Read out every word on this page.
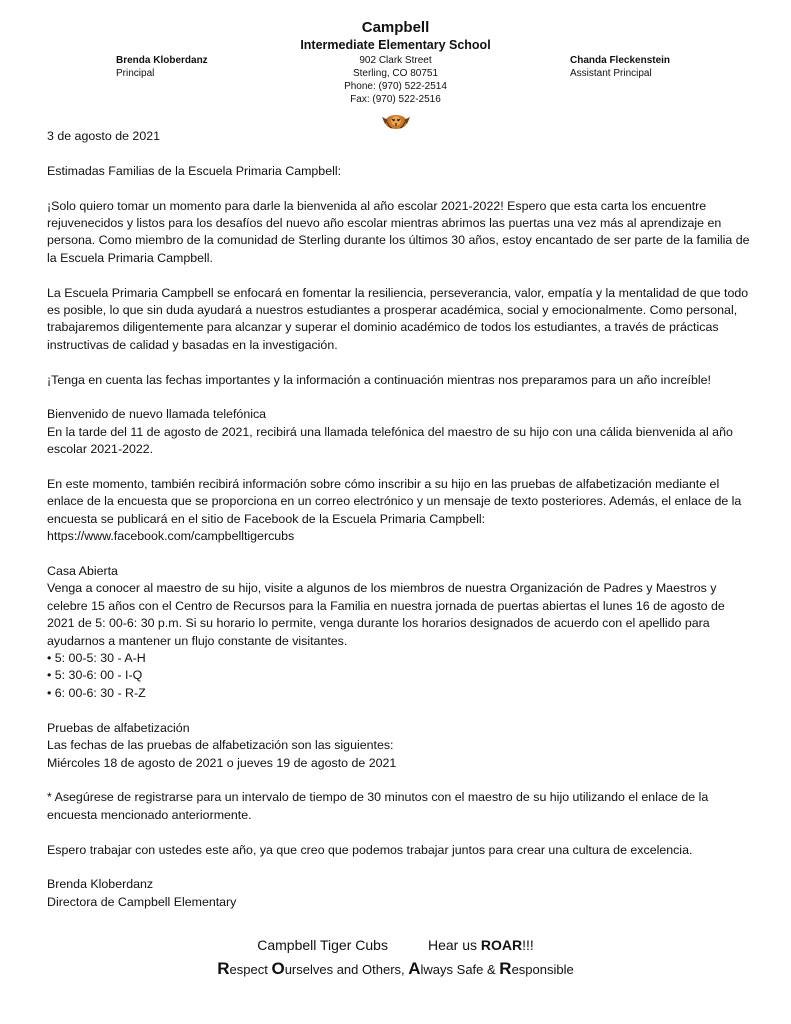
Campbell
Intermediate Elementary School
Brenda Kloberdanz
Principal
902 Clark Street
Sterling, CO 80751
Phone: (970) 522-2514
Fax: (970) 522-2516
Chanda Fleckenstein
Assistant Principal

3 de agosto de 2021

Estimadas Familias de la Escuela Primaria Campbell:

¡Solo quiero tomar un momento para darle la bienvenida al año escolar 2021-2022! Espero que esta carta los encuentre rejuvenecidos y listos para los desafíos del nuevo año escolar mientras abrimos las puertas una vez más al aprendizaje en persona. Como miembro de la comunidad de Sterling durante los últimos 30 años, estoy encantado de ser parte de la familia de la Escuela Primaria Campbell.

La Escuela Primaria Campbell se enfocará en fomentar la resiliencia, perseverancia, valor, empatía y la mentalidad de que todo es posible, lo que sin duda ayudará a nuestros estudiantes a prosperar académica, social y emocionalmente. Como personal, trabajaremos diligentemente para alcanzar y superar el dominio académico de todos los estudiantes, a través de prácticas instructivas de calidad y basadas en la investigación.

¡Tenga en cuenta las fechas importantes y la información a continuación mientras nos preparamos para un año increíble!

Bienvenido de nuevo llamada telefónica
En la tarde del 11 de agosto de 2021, recibirá una llamada telefónica del maestro de su hijo con una cálida bienvenida al año escolar 2021-2022.

En este momento, también recibirá información sobre cómo inscribir a su hijo en las pruebas de alfabetización mediante el enlace de la encuesta que se proporciona en un correo electrónico y un mensaje de texto posteriores. Además, el enlace de la encuesta se publicará en el sitio de Facebook de la Escuela Primaria Campbell:
https://www.facebook.com/campbelltigercubs

Casa Abierta
Venga a conocer al maestro de su hijo, visite a algunos de los miembros de nuestra Organización de Padres y Maestros y celebre 15 años con el Centro de Recursos para la Familia en nuestra jornada de puertas abiertas el lunes 16 de agosto de 2021 de 5: 00-6: 30 p.m. Si su horario lo permite, venga durante los horarios designados de acuerdo con el apellido para ayudarnos a mantener un flujo constante de visitantes.

• 5: 00-5: 30 - A-H
• 5: 30-6: 00 - I-Q
• 6: 00-6: 30 - R-Z

Pruebas de alfabetización
Las fechas de las pruebas de alfabetización son las siguientes:
Miércoles 18 de agosto de 2021 o jueves 19 de agosto de 2021

* Asegúrese de registrarse para un intervalo de tiempo de 30 minutos con el maestro de su hijo utilizando el enlace de la encuesta mencionado anteriormente.

Espero trabajar con ustedes este año, ya que creo que podemos trabajar juntos para crear una cultura de excelencia.

Brenda Kloberdanz
Directora de Campbell Elementary

Campbell Tiger Cubs	Hear us ROAR!!!
Respect Ourselves and Others, Always Safe & Responsible
